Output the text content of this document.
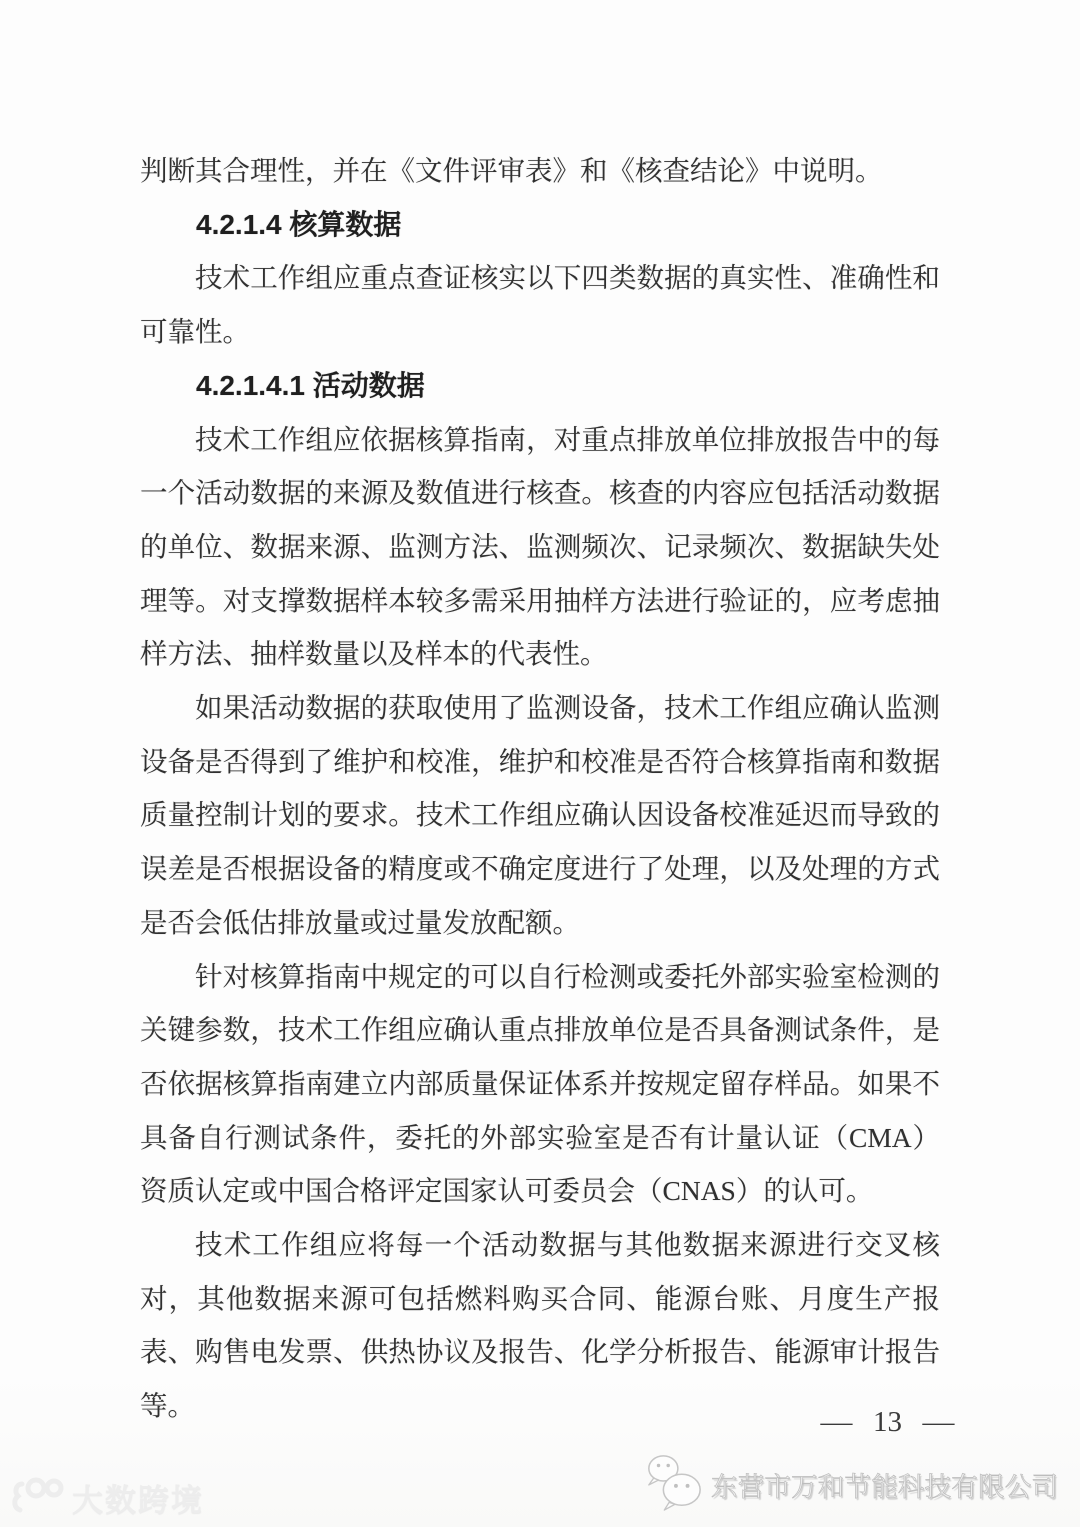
判断其合理性，并在《文件评审表》和《核查结论》中说明。

4.2.1.4 核算数据

技术工作组应重点查证核实以下四类数据的真实性、准确性和可靠性。

4.2.1.4.1 活动数据

技术工作组应依据核算指南，对重点排放单位排放报告中的每一个活动数据的来源及数值进行核查。核查的内容应包括活动数据的单位、数据来源、监测方法、监测频次、记录频次、数据缺失处理等。对支撑数据样本较多需采用抽样方法进行验证的，应考虑抽样方法、抽样数量以及样本的代表性。

如果活动数据的获取使用了监测设备，技术工作组应确认监测设备是否得到了维护和校准，维护和校准是否符合核算指南和数据质量控制计划的要求。技术工作组应确认因设备校准延迟而导致的误差是否根据设备的精度或不确定度进行了处理，以及处理的方式是否会低估排放量或过量发放配额。

针对核算指南中规定的可以自行检测或委托外部实验室检测的关键参数，技术工作组应确认重点排放单位是否具备测试条件，是否依据核算指南建立内部质量保证体系并按规定留存样品。如果不具备自行测试条件，委托的外部实验室是否有计量认证（CMA）资质认定或中国合格评定国家认可委员会（CNAS）的认可。

技术工作组应将每一个活动数据与其他数据来源进行交叉核对，其他数据来源可包括燃料购买合同、能源台账、月度生产报表、购售电发票、供热协议及报告、化学分析报告、能源审计报告等。

— 13 —
东营市万和节能科技有限公司
大数跨境
